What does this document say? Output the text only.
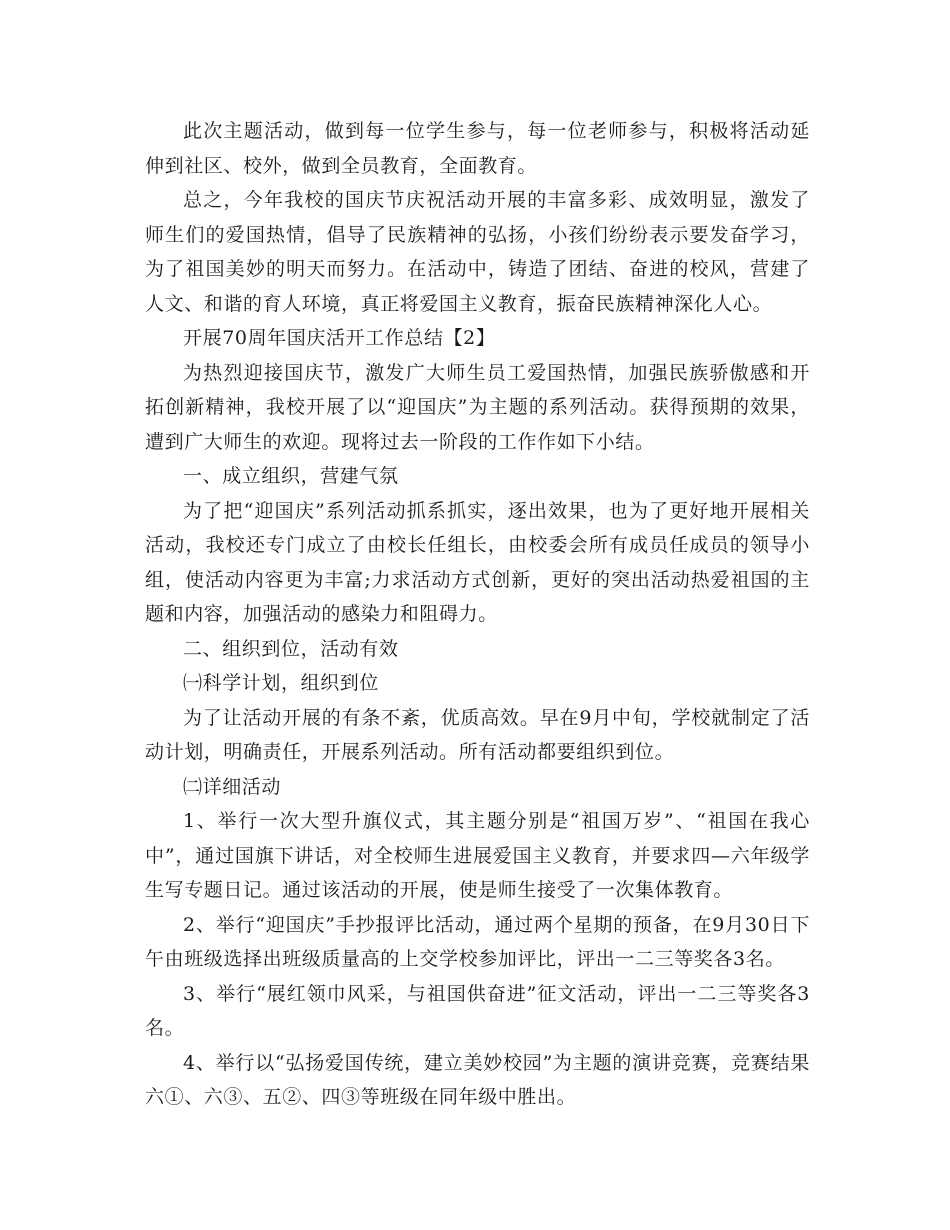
此次主题活动，做到每一位学生参与，每一位老师参与，积极将活动延伸到社区、校外，做到全员教育，全面教育。

总之，今年我校的国庆节庆祝活动开展的丰富多彩、成效明显，激发了师生们的爱国热情，倡导了民族精神的弘扬，小孩们纷纷表示要发奋学习，为了祖国美妙的明天而努力。在活动中，铸造了团结、奋进的校风，营建了人文、和谐的育人环境，真正将爱国主义教育，振奋民族精神深化人心。

开展70周年国庆活开工作总结【2】

为热烈迎接国庆节，激发广大师生员工爱国热情，加强民族骄傲感和开拓创新精神，我校开展了以“迎国庆”为主题的系列活动。获得预期的效果，遭到广大师生的欢迎。现将过去一阶段的工作作如下小结。

一、成立组织，营建气氛

为了把“迎国庆”系列活动抓系抓实，逐出效果，也为了更好地开展相关活动，我校还专门成立了由校长任组长，由校委会所有成员任成员的领导小组，使活动内容更为丰富;力求活动方式创新，更好的突出活动热爱祖国的主题和内容，加强活动的感染力和阻碍力。

二、组织到位，活动有效

㈠科学计划，组织到位

为了让活动开展的有条不紊，优质高效。早在9月中旬，学校就制定了活动计划，明确责任，开展系列活动。所有活动都要组织到位。

㈡详细活动

1、举行一次大型升旗仪式，其主题分别是“祖国万岁”、“祖国在我心中”，通过国旗下讲话，对全校师生进展爱国主义教育，并要求四—六年级学生写专题日记。通过该活动的开展，使是师生接受了一次集体教育。

2、举行“迎国庆”手抄报评比活动，通过两个星期的预备，在9月30日下午由班级选择出班级质量高的上交学校参加评比，评出一二三等奖各3名。

3、举行“展红领巾风采，与祖国供奋进”征文活动，评出一二三等奖各3名。

4、举行以“弘扬爱国传统，建立美妙校园”为主题的演讲竞赛，竞赛结果六①、六③、五②、四③等班级在同年级中胜出。
